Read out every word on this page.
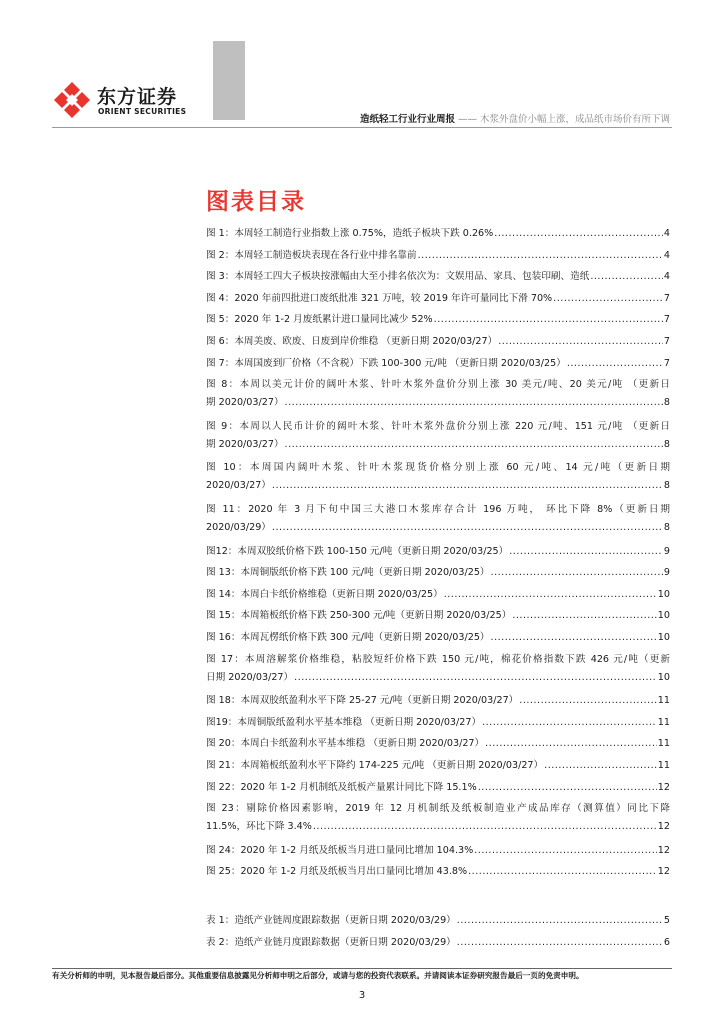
东方证券
ORIENT SECURITIES
造纸轻工行业行业周报 —— 木浆外盘价小幅上涨，成品纸市场价有所下调
图表目录
图 1：本周轻工制造行业指数上涨 0.75%，造纸子板块下跌 0.26% .....	4
图 2：本周轻工制造板块表现在各行业中排名靠前 .....	4
图 3：本周轻工四大子板块按涨幅由大至小排名依次为：文娱用品、家具、包装印刷、造纸 .....	4
图 4：2020 年前四批进口废纸批准 321 万吨，较 2019 年许可量同比下滑 70% .....	7
图 5：2020 年 1-2 月废纸累计进口量同比减少 52% .....	7
图 6：本周美废、欧废、日废到岸价维稳 （更新日期 2020/03/27） .....	7
图 7：本周国废到厂价格（不含税）下跌 100-300 元/吨 （更新日期 2020/03/25） .....	7
图 8：本周以美元计价的阔叶木浆、针叶木浆外盘价分别上涨 30 美元/吨、20 美元/吨 （更新日
期 2020/03/27） .....	8
图 9：本周以人民币计价的阔叶木浆、针叶木浆外盘价分别上涨 220 元/吨、151 元/吨 （更新日
期 2020/03/27） .....	8
图 10：本周国内阔叶木浆、针叶木浆现货价格分别上涨 60 元/吨、14 元/吨（更新日期
2020/03/27） .....	8
图 11：2020 年 3 月下旬中国三大港口木浆库存合计 196 万吨， 环比下降 8%（更新日期
2020/03/29） .....	8
图12：本周双胶纸价格下跌 100-150 元/吨（更新日期 2020/03/25） .....	9
图 13：本周铜版纸价格下跌 100 元/吨（更新日期 2020/03/25） .....	9
图 14：本周白卡纸价格维稳（更新日期 2020/03/25） .....	10
图 15：本周箱板纸价格下跌 250-300 元/吨（更新日期 2020/03/25） .....	10
图 16：本周瓦楞纸价格下跌 300 元/吨（更新日期 2020/03/25） .....	10
图 17：本周溶解浆价格维稳，粘胶短纤价格下跌 150 元/吨，棉花价格指数下跌 426 元/吨（更新
日期 2020/03/27） .....	10
图 18：本周双胶纸盈利水平下降 25-27 元/吨（更新日期 2020/03/27） .....	11
图19：本周铜版纸盈利水平基本维稳 （更新日期 2020/03/27） .....	11
图 20：本周白卡纸盈利水平基本维稳 （更新日期 2020/03/27） .....	11
图 21：本周箱板纸盈利水平下降约 174-225 元/吨 （更新日期 2020/03/27） .....	11
图 22：2020 年 1-2 月机制纸及纸板产量累计同比下降 15.1% .....	12
图 23：剔除价格因素影响，2019 年 12 月机制纸及纸板制造业产成品库存（测算值）同比下降
11.5%，环比下降 3.4% .....	12
图 24：2020 年 1-2 月纸及纸板当月进口量同比增加 104.3% .....	12
图 25：2020 年 1-2 月纸及纸板当月出口量同比增加 43.8% .....	12
表 1：造纸产业链周度跟踪数据（更新日期 2020/03/29） .....	5
表 2：造纸产业链月度跟踪数据（更新日期 2020/03/29） .....	6
有关分析师的申明，见本报告最后部分。其他重要信息披露见分析师申明之后部分，或请与您的投资代表联系。并请阅读本证券研究报告最后一页的免责申明。
3
